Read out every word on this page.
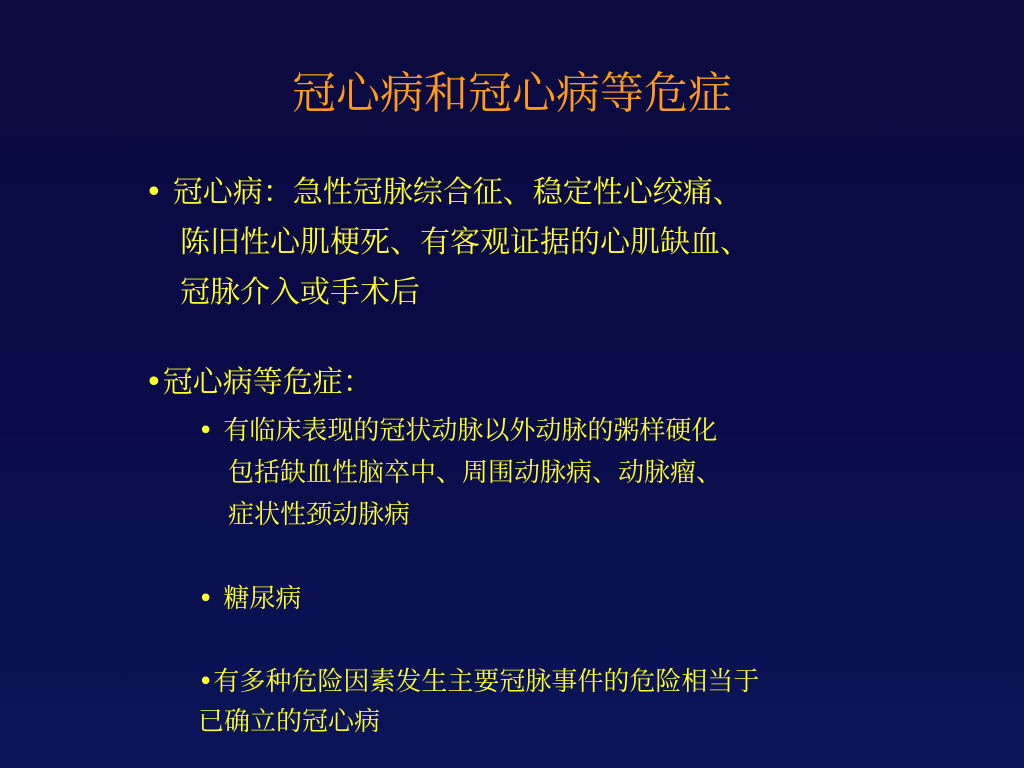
冠心病和冠心病等危症
• 冠心病：急性冠脉综合征、稳定性心绞痛、
陈旧性心肌梗死、有客观证据的心肌缺血、
冠脉介入或手术后
•冠心病等危症：
• 有临床表现的冠状动脉以外动脉的粥样硬化
包括缺血性脑卒中、周围动脉病、动脉瘤、
症状性颈动脉病
• 糖尿病
•有多种危险因素发生主要冠脉事件的危险相当于
已确立的冠心病
